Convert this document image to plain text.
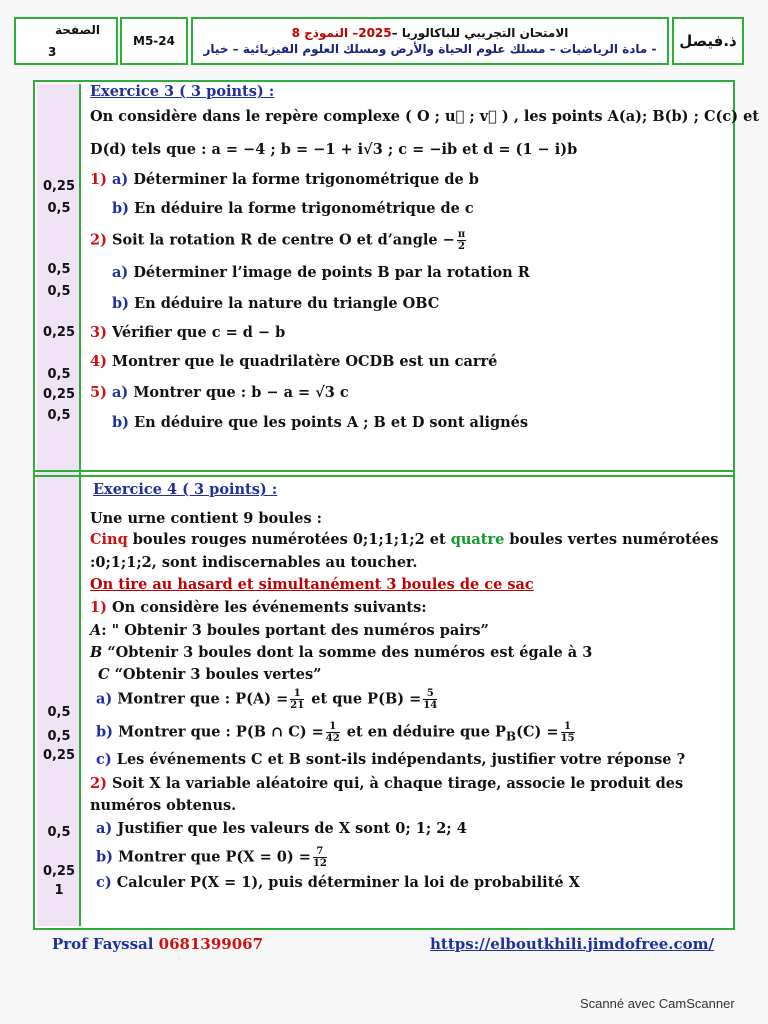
الصفحة
3
M5-24
الامتحان التجريبي للباكالوريا –2025– النموذج 8
- مادة الرياضيات – مسلك علوم الحياة والأرض ومسلك العلوم الفيزيائية – خيار	ذ.فيصل
0,25
0,5
0,5
0,5
0,25
0,5
0,25
0,5
0,5
0,5
0,25
0,5
0,25
1
Exercice 3 ( 3 points) :
On considère dans le repère complexe ( O ; u⃗ ; v⃗ ) , les points A(a); B(b) ; C(c) et
D(d) tels que : a = −4 ; b = −1 + i√3 ; c = −ib et d = (1 − i)b
1) a) Déterminer la forme trigonométrique de b
b) En déduire la forme trigonométrique de c
2) Soit la rotation R de centre O et d’angle − $\frac{\pi}{2}$
a) Déterminer l’image de points B par la rotation R
b) En déduire la nature du triangle OBC
3) Vérifier que c = d − b
4) Montrer que le quadrilatère OCDB est un carré
5) a) Montrer que : b − a = √3 c
b) En déduire que les points A ; B et D sont alignés
Exercice 4 ( 3 points) :
Une urne contient 9 boules :
Cinq boules rouges numérotées 0;1;1;1;2 et quatre boules vertes numérotées
:0;1;1;2, sont indiscernables au toucher.
On tire au hasard et simultanément 3 boules de ce sac
1) On considère les événements suivants:
A: " Obtenir 3 boules portant des numéros pairs”
B “Obtenir 3 boules dont la somme des numéros est égale à 3
C “Obtenir 3 boules vertes”
a) Montrer que : $P(A) = \frac{1}{21}$ et que $P(B) = \frac{5}{14}$
b) Montrer que : P(B ∩ $C) = \frac{1}{42}$ et en déduire que $P_B(C) = \frac{1}{15}$
c) Les événements C et B sont-ils indépendants, justifier votre réponse ?
2) Soit X la variable aléatoire qui, à chaque tirage, associe le produit des
numéros obtenus.
a) Justifier que les valeurs de X sont 0; 1; 2; 4
b) Montrer que $P(X = 0) = \frac{7}{12}$
c) Calculer P(X = 1), puis déterminer la loi de probabilité X
Prof Fayssal 0681399067	https://elboutkhili.jimdofree.com/
Scanné avec CamScanner
